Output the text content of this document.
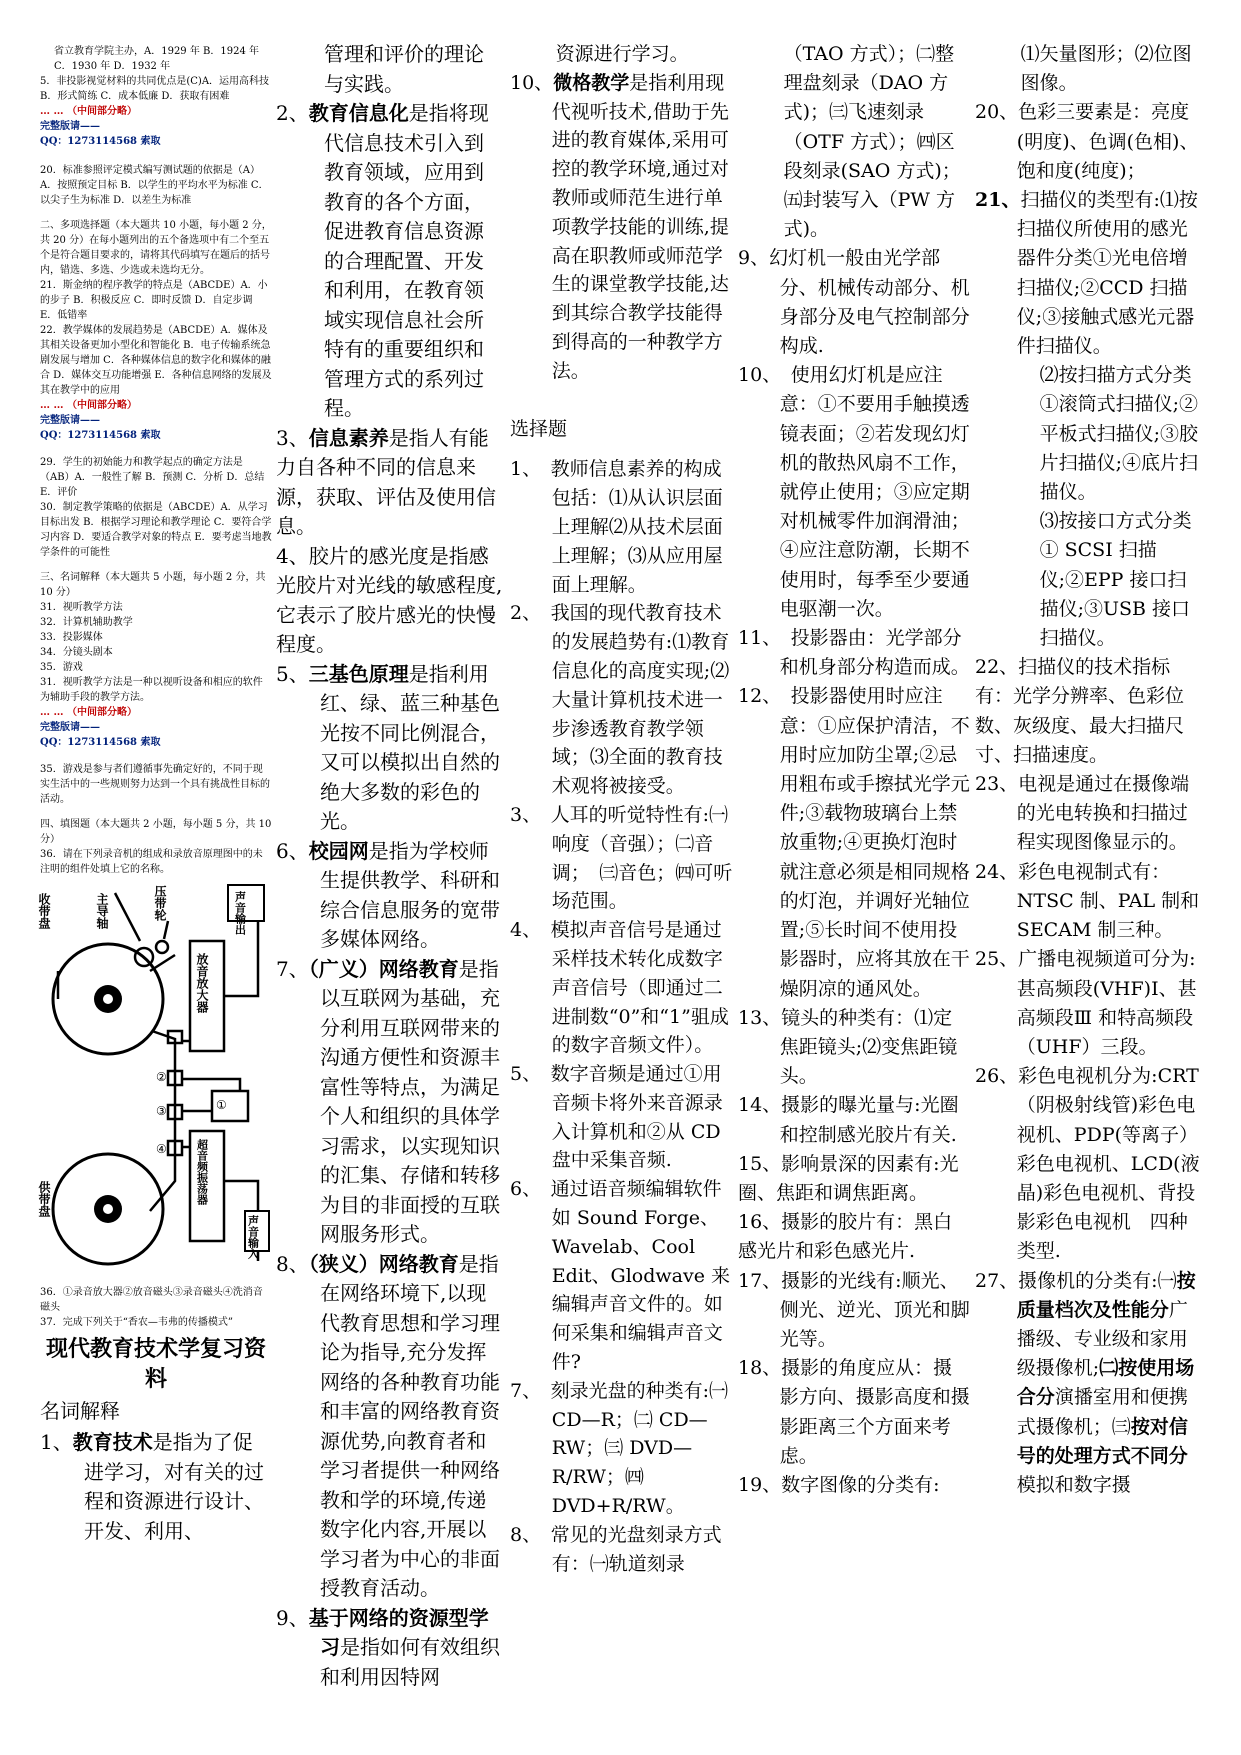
省立教育学院主办，A．1929 年 B．1924 年 C．1930 年 D．1932 年

5．非投影视觉材料的共同优点是(C)A．运用高科技 B．形式简练 C．成本低廉 D．获取有困难

… … （中间部分略）

完整版请——

QQ：1273114568 索取

20．标准参照评定模式编写测试题的依据是（A）A．按照预定目标 B．以学生的平均水平为标准 C．以尖子生为标准 D．以差生为标准

二、多项选择题（本大题共 10 小题，每小题 2 分，共 20 分）在每小题列出的五个备选项中有二个至五个是符合题目要求的，请将其代码填写在题后的括号内，错选、多选、少选或未选均无分。

21．斯金纳的程序教学的特点是（ABCDE）A．小的步子 B．积极反应 C．即时反馈 D．自定步调 E．低错率

22．教学媒体的发展趋势是（ABCDE）A．媒体及其相关设备更加小型化和智能化 B．电子传输系统急剧发展与增加 C．各种媒体信息的数字化和媒体的融合 D．媒体交互功能增强 E．各种信息网络的发展及其在教学中的应用

… … （中间部分略）

完整版请——

QQ：1273114568 索取

29．学生的初始能力和教学起点的确定方法是（AB）A．一般性了解 B．预测 C．分析 D．总结 E．评价

30．制定教学策略的依据是（ABCDE）A．从学习目标出发 B．根据学习理论和教学理论 C．要符合学习内容 D．要适合教学对象的特点 E．要考虑当地教学条件的可能性

三、名词解释（本大题共 5 小题，每小题 2 分，共 10 分）

31．视听教学方法

32．计算机辅助教学

33．投影媒体

34．分镜头剧本

35．游戏

31．视听教学方法是一种以视听设备和相应的软件为辅助手段的教学方法。

… … （中间部分略）

完整版请——

QQ：1273114568 索取

35．游戏是参与者们遵循事先确定好的，不同于现实生活中的一些规则努力达到一个具有挑战性目标的活动。

四、填图题（本大题共 2 小题，每小题 5 分，共 10 分）

36．请在下列录音机的组成和录放音原理图中的未注明的组件处填上它的名称。

收带盘	主导轴	压带轮	声音输出
放音放大器
超音频振荡器
声音输入
供带盘
①
②
③
④

36．①录音放大器②放音磁头③录音磁头④洗消音磁头

37．完成下列关于“香农—韦弗的传播模式”

现代教育技术学复习资料

名词解释

1、教育技术是指为了促进学习，对有关的过程和资源进行设计、开发、利用、

管理和评价的理论与实践。

2、教育信息化是指将现代信息技术引入到教育领域，应用到教育的各个方面，促进教育信息资源的合理配置、开发和利用，在教育领域实现信息社会所特有的重要组织和管理方式的系列过程。

3、信息素养是指人有能力自各种不同的信息来源，获取、评估及使用信息。

4、胶片的感光度是指感光胶片对光线的敏感程度,它表示了胶片感光的快慢程度。

5、三基色原理是指利用红、绿、蓝三种基色光按不同比例混合，又可以模拟出自然的绝大多数的彩色的光。

6、校园网是指为学校师生提供教学、科研和综合信息服务的宽带多媒体网络。

7、（广义）网络教育是指以互联网为基础，充分利用互联网带来的沟通方便性和资源丰富性等特点，为满足个人和组织的具体学习需求，以实现知识的汇集、存储和转移为目的非面授的互联网服务形式。

8、（狭义）网络教育是指在网络环境下,以现代教育思想和学习理论为指导,充分发挥网络的各种教育功能和丰富的网络教育资源优势,向教育者和学习者提供一种网络教和学的环境,传递数字化内容,开展以学习者为中心的非面授教育活动。

9、基于网络的资源型学习是指如何有效组织和利用因特网

资源进行学习。

10、微格教学是指利用现代视听技术,借助于先进的教育媒体,采用可控的教学环境,通过对教师或师范生进行单项教学技能的训练,提高在职教师或师范学生的课堂教学技能,达到其综合教学技能得到得高的一种教学方法。

选择题

1、　教师信息素养的构成包括：⑴从认识层面上理解⑵从技术层面上理解；⑶从应用屋面上理解。

2、　我国的现代教育技术的发展趋势有:⑴教育信息化的高度实现;⑵大量计算机技术进一步渗透教育教学领域；⑶全面的教育技术观将被接受。

3、　人耳的听觉特性有:㈠响度（音强）；㈡音调；　㈢音色；㈣可听场范围。

4、　模拟声音信号是通过采样技术转化成数字声音信号（即通过二进制数“0”和“1”驵成的数字音频文件）。

5、　数字音频是通过①用音频卡将外来音源录入计算机和②从 CD 盘中采集音频.

6、　通过语音频编辑软件如 Sound Forge、Wavelab、Cool Edit、Glodwave 来编辑声音文件的。如何采集和编辑声音文件?

7、　刻录光盘的种类有:㈠ CD—R；㈡ CD—RW；㈢ DVD—R/RW；㈣ DVD+R/RW。

8、　常见的光盘刻录方式有：㈠轨道刻录

（TAO 方式）；㈡整理盘刻录（DAO 方式)；㈢飞速刻录（OTF 方式）；㈣区段刻录(SAO 方式)；㈤封装写入（PW 方式)。

9、幻灯机一般由光学部分、机械传动部分、机身部分及电气控制部分构成.

10、　使用幻灯机是应注意：①不要用手触摸透镜表面；②若发现幻灯机的散热风扇不工作，就停止使用；③应定期对机械零件加润滑油；④应注意防潮，长期不使用时，每季至少要通电驱潮一次。

11、　投影器由：光学部分和机身部分构造而成。

12、　投影器使用时应注意：①应保护清洁，不用时应加防尘罩;②忌用粗布或手擦拭光学元件;③载物玻璃台上禁放重物;④更换灯泡时就注意必须是相同规格的灯泡，并调好光轴位置;⑤长时间不使用投影器时，应将其放在干燥阴凉的通风处。

13、镜头的种类有：⑴定焦距镜头;⑵变焦距镜头。

14、摄影的曝光量与:光圈和控制感光胶片有关.

15、影响景深的因素有:光圈、焦距和调焦距离。

16、摄影的胶片有：黑白感光片和彩色感光片.

17、摄影的光线有:顺光、侧光、逆光、顶光和脚光等。

18、摄影的角度应从：摄影方向、摄影高度和摄影距离三个方面来考虑。

19、数字图像的分类有:

⑴矢量图形；⑵位图图像。

20、色彩三要素是：亮度(明度)、色调(色相)、饱和度(纯度)；

21、扫描仪的类型有:⑴按扫描仪所使用的感光器件分类①光电倍增扫描仪;②CCD 扫描仪;③接触式感光元器件扫描仪。

⑵按扫描方式分类①滚筒式扫描仪;②平板式扫描仪;③胶片扫描仪;④底片扫描仪。

⑶按接口方式分类① SCSI 扫描仪;②EPP 接口扫描仪;③USB 接口扫描仪。

22、扫描仪的技术指标有：光学分辨率、色彩位数、灰级度、最大扫描尺寸、扫描速度。

23、电视是通过在摄像端的光电转换和扫描过程实现图像显示的。

24、彩色电视制式有：NTSC 制、PAL 制和 SECAM 制三种。

25、广播电视频道可分为:甚高频段(VHF)Ⅰ、甚高频段Ⅲ 和特高频段（UHF）三段。

26、彩色电视机分为:CRT（阴极射线管)彩色电视机、PDP(等离子）彩色电视机、LCD(液晶)彩色电视机、背投影彩色电视机　四种类型.

27、摄像机的分类有:㈠按质量档次及性能分广播级、专业级和家用级摄像机;㈡按使用场合分演播室用和便携式摄像机；㈢按对信号的处理方式不同分模拟和数字摄
